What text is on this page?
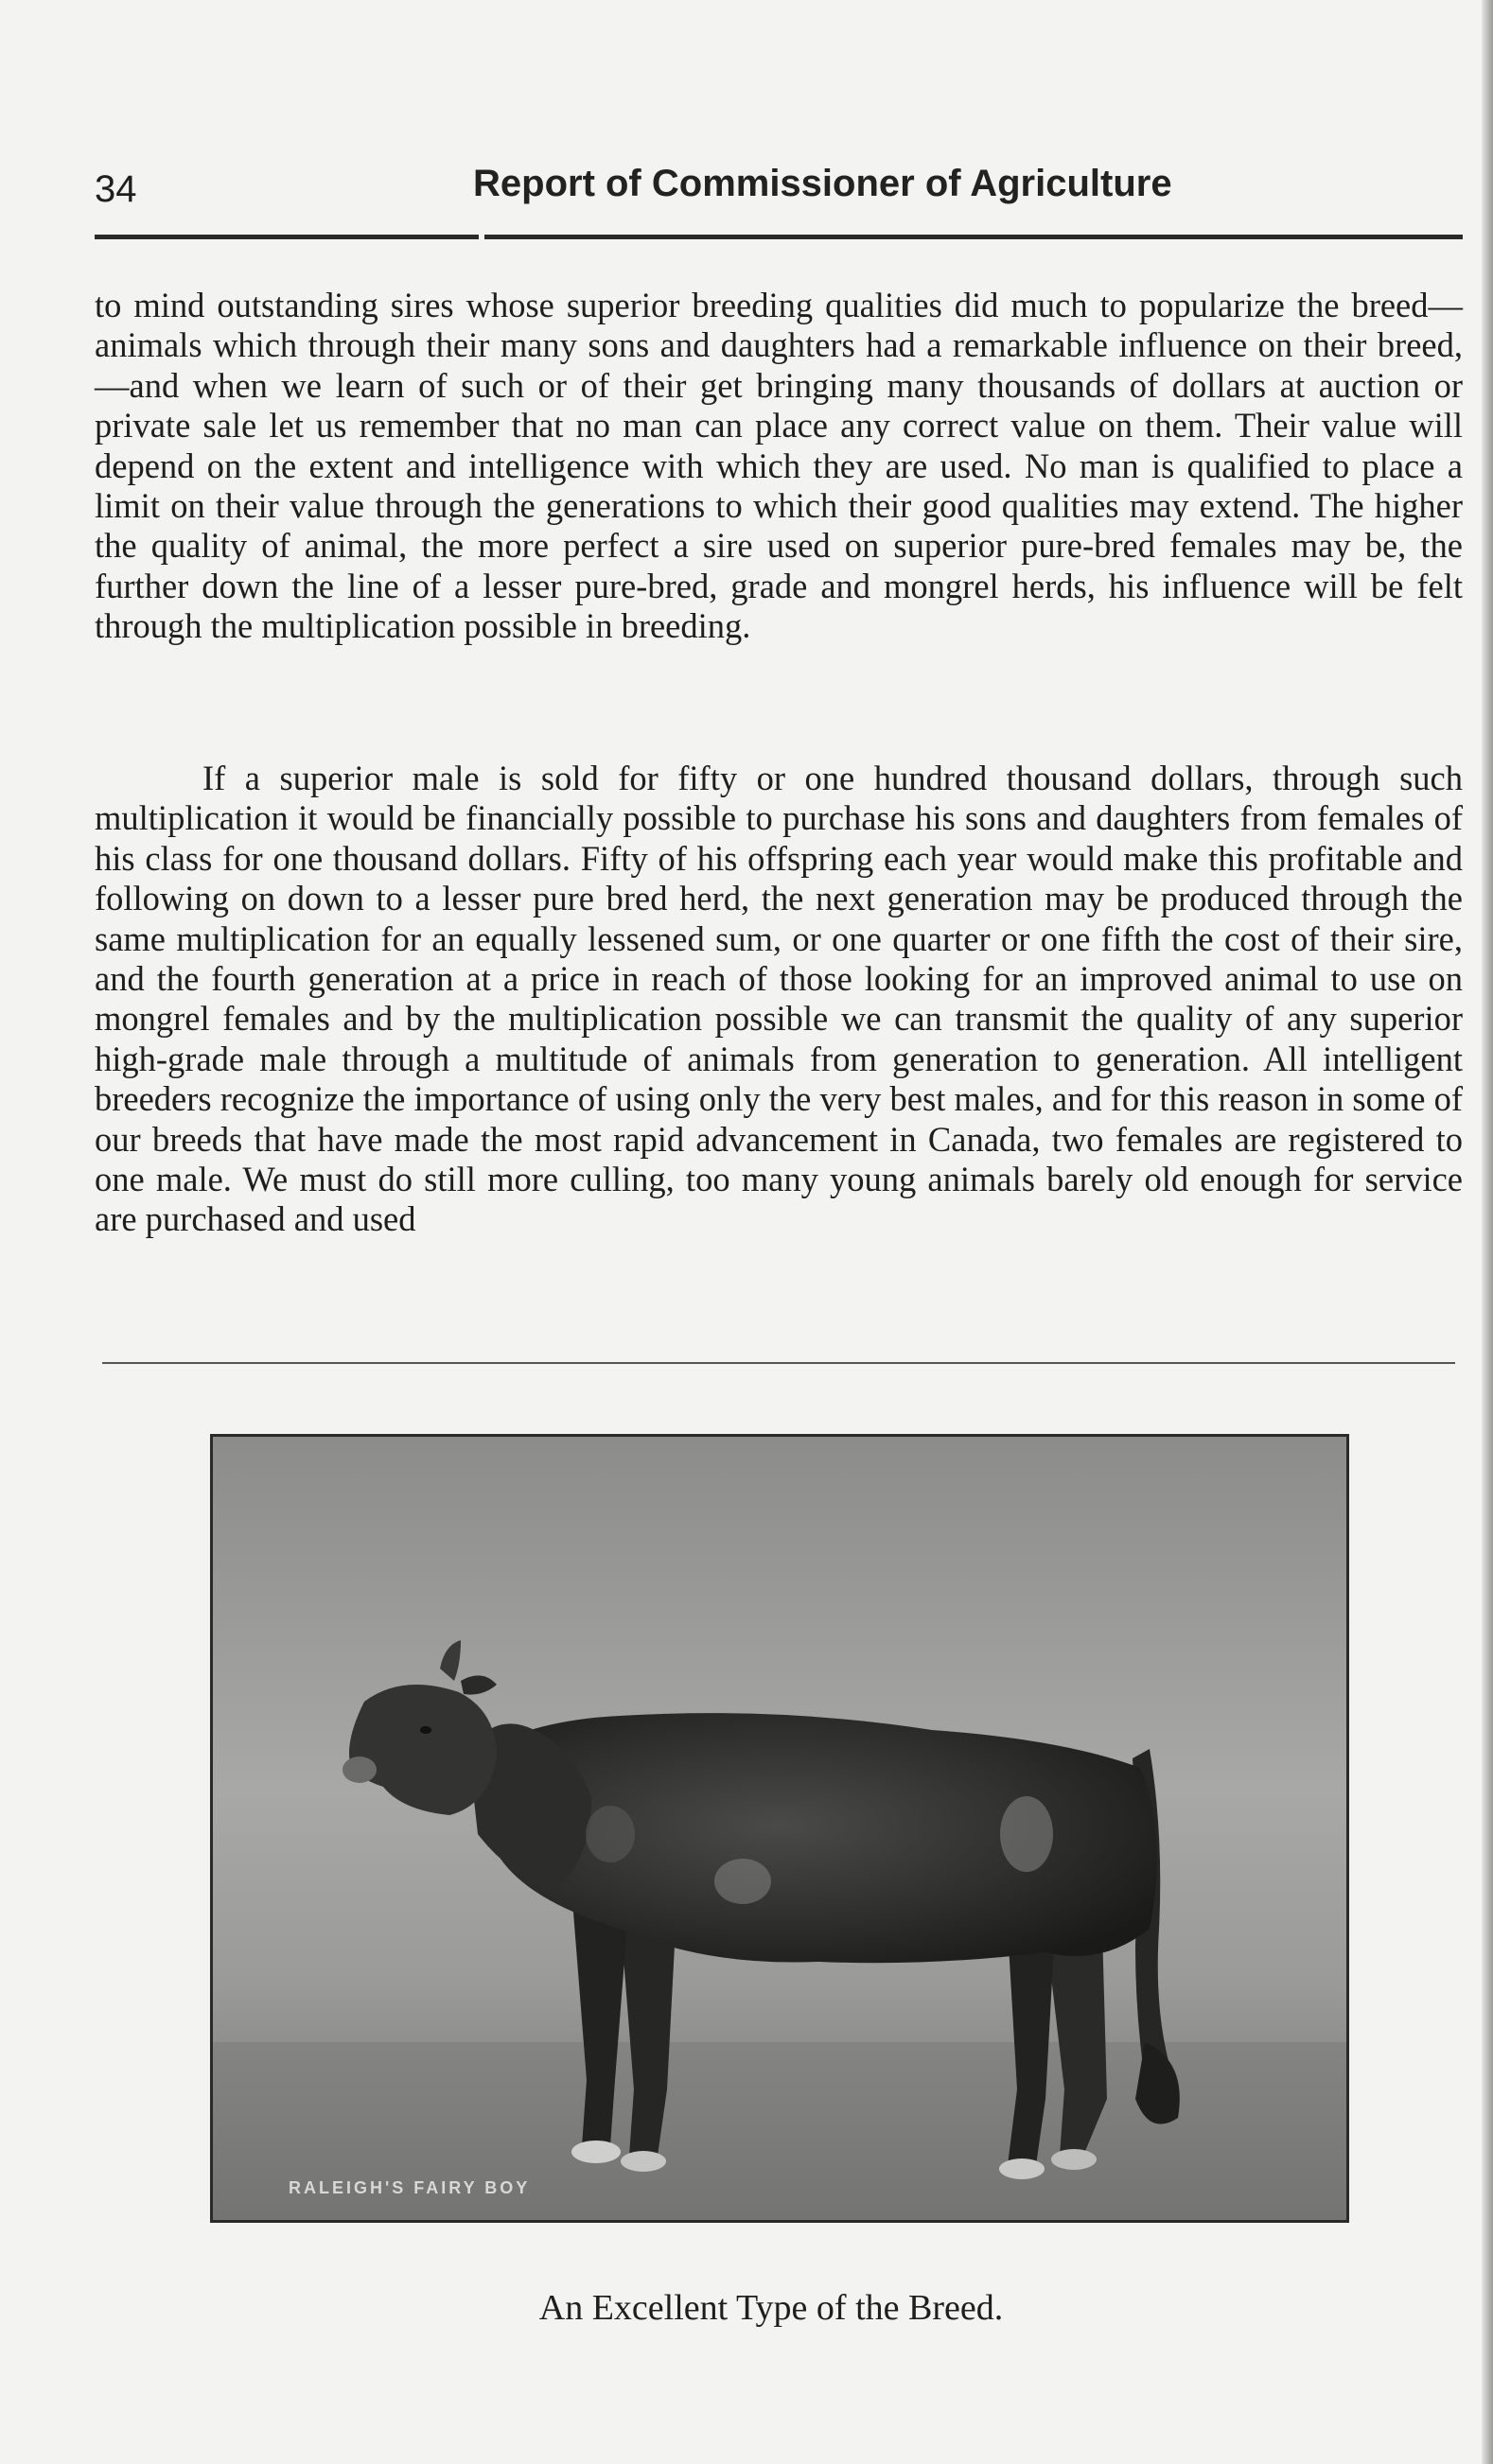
34	Report of Commissioner of Agriculture

to mind outstanding sires whose superior breeding qualities did much to popularize the breed—animals which through their many sons and daughters had a remarkable influence on their breed,—and when we learn of such or of their get bringing many thousands of dollars at auction or private sale let us remember that no man can place any correct value on them. Their value will depend on the extent and intelligence with which they are used. No man is qualified to place a limit on their value through the generations to which their good qualities may extend. The higher the quality of animal, the more perfect a sire used on superior pure-bred females may be, the further down the line of a lesser pure-bred, grade and mongrel herds, his influence will be felt through the multiplication possible in breeding.

If a superior male is sold for fifty or one hundred thousand dollars, through such multiplication it would be financially possible to purchase his sons and daughters from females of his class for one thousand dollars. Fifty of his offspring each year would make this profitable and following on down to a lesser pure bred herd, the next generation may be produced through the same multiplication for an equally lessened sum, or one quarter or one fifth the cost of their sire, and the fourth generation at a price in reach of those looking for an improved animal to use on mongrel females and by the multiplication possible we can transmit the quality of any superior high-grade male through a multitude of animals from generation to generation. All intelligent breeders recognize the importance of using only the very best males, and for this reason in some of our breeds that have made the most rapid advancement in Canada, two females are registered to one male. We must do still more culling, too many young animals barely old enough for service are purchased and used

RALEIGH'S FAIRY BOY
An Excellent Type of the Breed.
